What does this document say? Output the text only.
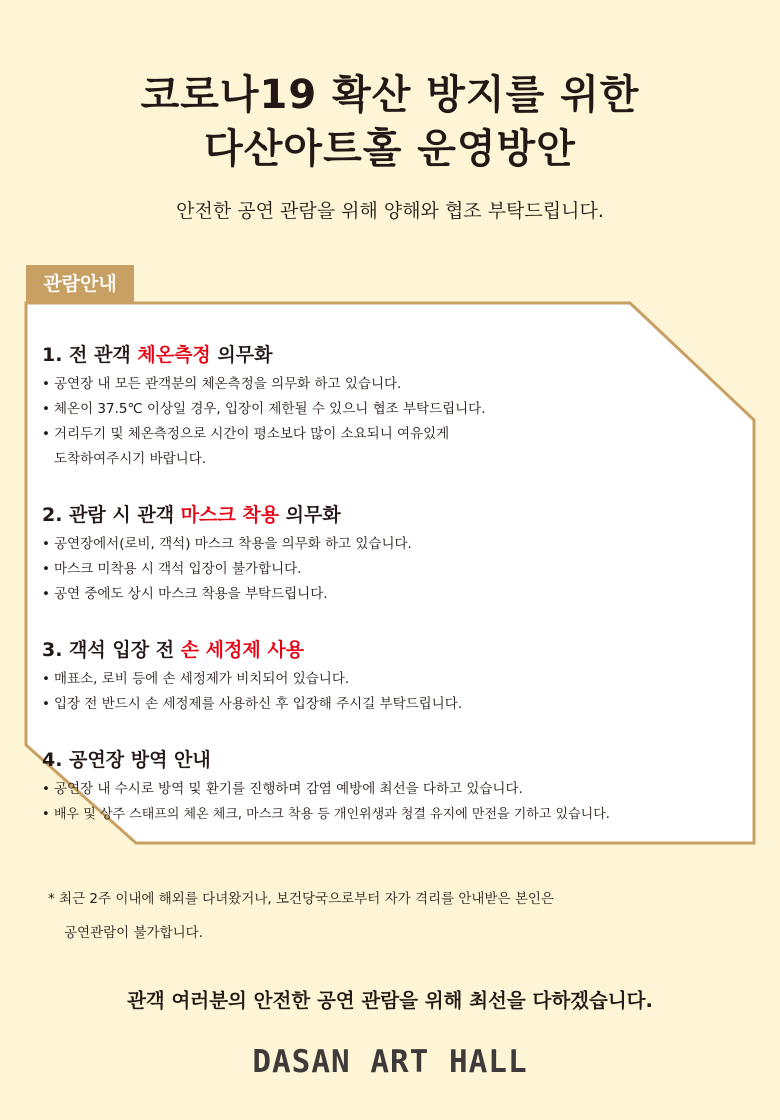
코로나19 확산 방지를 위한
다산아트홀 운영방안
안전한 공연 관람을 위해 양해와 협조 부탁드립니다.
관람안내

1. 전 관객 체온측정 의무화

• 공연장 내 모든 관객분의 체온측정을 의무화 하고 있습니다.

• 체온이 37.5℃ 이상일 경우, 입장이 제한될 수 있으니 협조 부탁드립니다.

• 거리두기 및 체온측정으로 시간이 평소보다 많이 소요되니 여유있게

도착하여주시기 바랍니다.

2. 관람 시 관객 마스크 착용 의무화

• 공연장에서(로비, 객석) 마스크 착용을 의무화 하고 있습니다.

• 마스크 미착용 시 객석 입장이 불가합니다.

• 공연 중에도 상시 마스크 착용을 부탁드립니다.

3. 객석 입장 전 손 세정제 사용

• 매표소, 로비 등에 손 세정제가 비치되어 있습니다.

• 입장 전 반드시 손 세정제를 사용하신 후 입장해 주시길 부탁드립니다.

4. 공연장 방역 안내

• 공연장 내 수시로 방역 및 환기를 진행하며 감염 예방에 최선을 다하고 있습니다.

• 배우 및 상주 스태프의 체온 체크, 마스크 착용 등 개인위생과 청결 유지에 만전을 기하고 있습니다.

* 최근 2주 이내에 해외를 다녀왔거나, 보건당국으로부터 자가 격리를 안내받은 본인은
공연관람이 불가합니다.
관객 여러분의 안전한 공연 관람을 위해 최선을 다하겠습니다.
DASAN ART HALL
